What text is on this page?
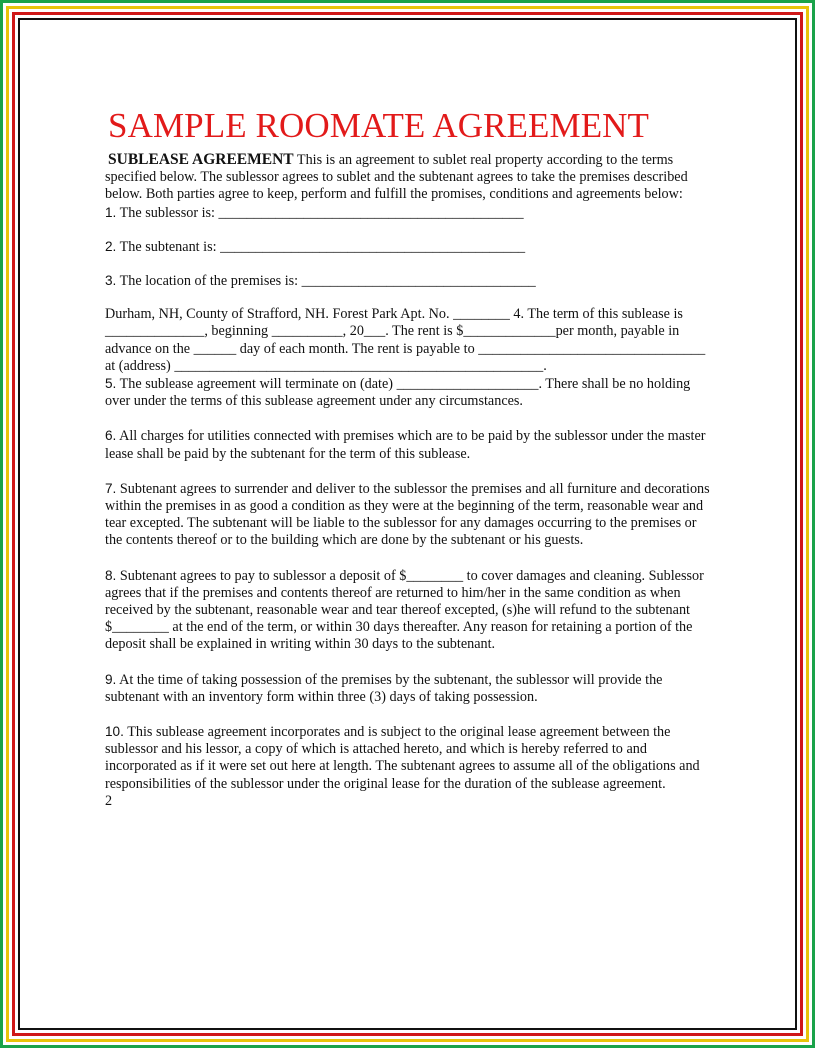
SAMPLE ROOMATE AGREEMENT

SUBLEASE AGREEMENT This is an agreement to sublet real property according to the terms specified below. The sublessor agrees to sublet and the subtenant agrees to take the premises described below. Both parties agree to keep, perform and fulfill the promises, conditions and agreements below:

1. The sublessor is: ___________________________________________

2. The subtenant is: ___________________________________________

3. The location of the premises is: _________________________________

Durham, NH, County of Strafford, NH. Forest Park Apt. No. ________ 4. The term of this sublease is ______________, beginning __________, 20___. The rent is $_____________per month, payable in advance on the ______ day of each month. The rent is payable to ________________________________ at (address) ____________________________________________________.

5. The sublease agreement will terminate on (date) ____________________. There shall be no holding over under the terms of this sublease agreement under any circumstances.

6. All charges for utilities connected with premises which are to be paid by the sublessor under the master lease shall be paid by the subtenant for the term of this sublease.

7. Subtenant agrees to surrender and deliver to the sublessor the premises and all furniture and decorations within the premises in as good a condition as they were at the beginning of the term, reasonable wear and tear excepted. The subtenant will be liable to the sublessor for any damages occurring to the premises or the contents thereof or to the building which are done by the subtenant or his guests.

8. Subtenant agrees to pay to sublessor a deposit of $________ to cover damages and cleaning. Sublessor agrees that if the premises and contents thereof are returned to him/her in the same condition as when received by the subtenant, reasonable wear and tear thereof excepted, (s)he will refund to the subtenant $________ at the end of the term, or within 30 days thereafter. Any reason for retaining a portion of the deposit shall be explained in writing within 30 days to the subtenant.

9. At the time of taking possession of the premises by the subtenant, the sublessor will provide the subtenant with an inventory form within three (3) days of taking possession.

10. This sublease agreement incorporates and is subject to the original lease agreement between the sublessor and his lessor, a copy of which is attached hereto, and which is hereby referred to and incorporated as if it were set out here at length. The subtenant agrees to assume all of the obligations and responsibilities of the sublessor under the original lease for the duration of the sublease agreement.

2
